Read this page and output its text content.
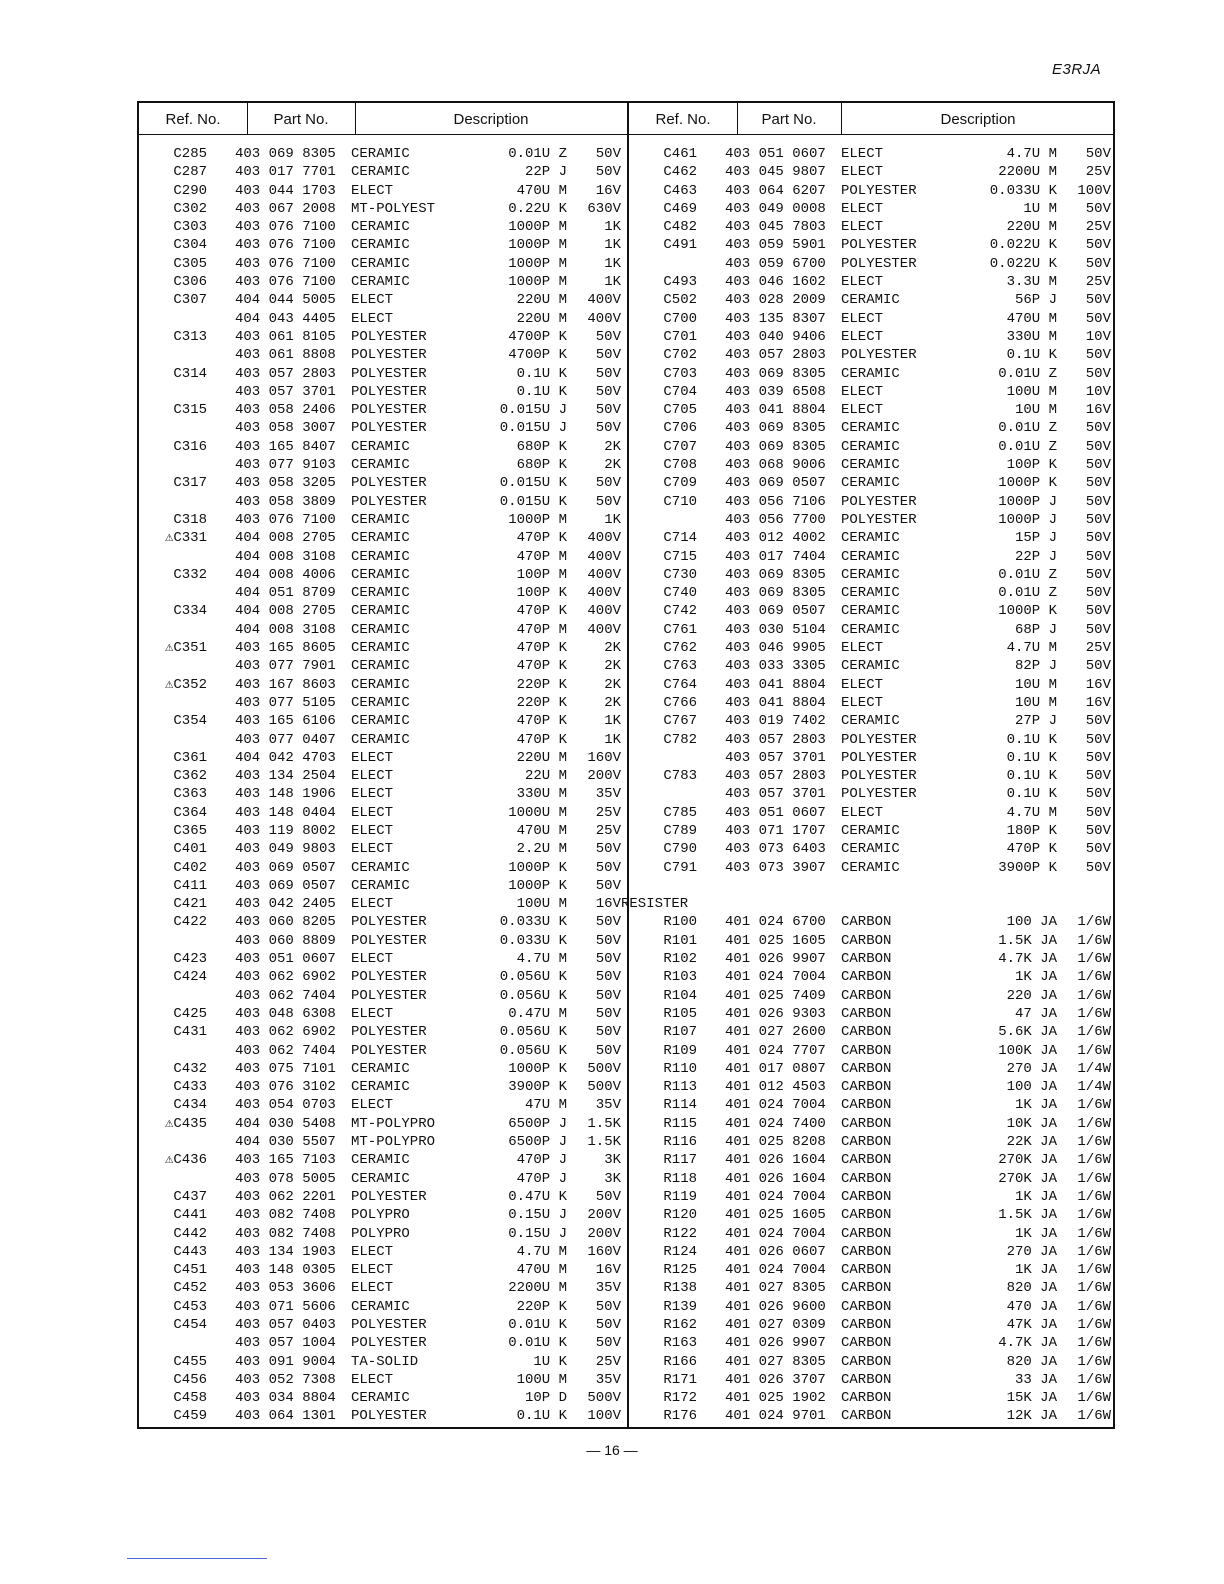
E3RJA
Ref. No.	Part No.	Description	Ref. No.	Part No.	Description
C285 403 069 8305 CERAMIC	0.01U Z	50V
C287 403 017 7701 CERAMIC	22P J	50V
C290 403 044 1703 ELECT	470U M	16V
C302 403 067 2008 MT-POLYEST	0.22U K	630V
C303 403 076 7100 CERAMIC	1000P M	1K
C304 403 076 7100 CERAMIC	1000P M	1K
C305 403 076 7100 CERAMIC	1000P M	1K
C306 403 076 7100 CERAMIC	1000P M	1K
C307 404 044 5005 ELECT	220U M	400V
404 043 4405 ELECT	220U M	400V
C313 403 061 8105 POLYESTER	4700P K	50V
403 061 8808 POLYESTER	4700P K	50V
C314 403 057 2803 POLYESTER	0.1U K	50V
403 057 3701 POLYESTER	0.1U K	50V
C315 403 058 2406 POLYESTER	0.015U J	50V
403 058 3007 POLYESTER	0.015U J	50V
C316 403 165 8407 CERAMIC	680P K	2K
403 077 9103 CERAMIC	680P K	2K
C317 403 058 3205 POLYESTER	0.015U K	50V
403 058 3809 POLYESTER	0.015U K	50V
C318 403 076 7100 CERAMIC	1000P M	1K
⚠C331 404 008 2705 CERAMIC	470P K	400V
404 008 3108 CERAMIC	470P M	400V
C332 404 008 4006 CERAMIC	100P M	400V
404 051 8709 CERAMIC	100P K	400V
C334 404 008 2705 CERAMIC	470P K	400V
404 008 3108 CERAMIC	470P M	400V
⚠C351 403 165 8605 CERAMIC	470P K	2K
403 077 7901 CERAMIC	470P K	2K
⚠C352 403 167 8603 CERAMIC	220P K	2K
403 077 5105 CERAMIC	220P K	2K
C354 403 165 6106 CERAMIC	470P K	1K
403 077 0407 CERAMIC	470P K	1K
C361 404 042 4703 ELECT	220U M	160V
C362 403 134 2504 ELECT	22U M	200V
C363 403 148 1906 ELECT	330U M	35V
C364 403 148 0404 ELECT	1000U M	25V
C365 403 119 8002 ELECT	470U M	25V
C401 403 049 9803 ELECT	2.2U M	50V
C402 403 069 0507 CERAMIC	1000P K	50V
C411 403 069 0507 CERAMIC	1000P K	50V
C421 403 042 2405 ELECT	100U M	16V
C422 403 060 8205 POLYESTER	0.033U K	50V
403 060 8809 POLYESTER	0.033U K	50V
C423 403 051 0607 ELECT	4.7U M	50V
C424 403 062 6902 POLYESTER	0.056U K	50V
403 062 7404 POLYESTER	0.056U K	50V
C425 403 048 6308 ELECT	0.47U M	50V
C431 403 062 6902 POLYESTER	0.056U K	50V
403 062 7404 POLYESTER	0.056U K	50V
C432 403 075 7101 CERAMIC	1000P K	500V
C433 403 076 3102 CERAMIC	3900P K	500V
C434 403 054 0703 ELECT	47U M	35V
⚠C435 404 030 5408 MT-POLYPRO	6500P J	1.5K
404 030 5507 MT-POLYPRO	6500P J	1.5K
⚠C436 403 165 7103 CERAMIC	470P J	3K
403 078 5005 CERAMIC	470P J	3K
C437 403 062 2201 POLYESTER	0.47U K	50V
C441 403 082 7408 POLYPRO	0.15U J	200V
C442 403 082 7408 POLYPRO	0.15U J	200V
C443 403 134 1903 ELECT	4.7U M	160V
C451 403 148 0305 ELECT	470U M	16V
C452 403 053 3606 ELECT	2200U M	35V
C453 403 071 5606 CERAMIC	220P K	50V
C454 403 057 0403 POLYESTER	0.01U K	50V
403 057 1004 POLYESTER	0.01U K	50V
C455 403 091 9004 TA-SOLID	1U K	25V
C456 403 052 7308 ELECT	100U M	35V
C458 403 034 8804 CERAMIC	10P D	500V
C459 403 064 1301 POLYESTER	0.1U K	100V
C461 403 051 0607 ELECT	4.7U M	50V
C462 403 045 9807 ELECT	2200U M	25V
C463 403 064 6207 POLYESTER	0.033U K	100V
C469 403 049 0008 ELECT	1U M	50V
C482 403 045 7803 ELECT	220U M	25V
C491 403 059 5901 POLYESTER	0.022U K	50V
403 059 6700 POLYESTER	0.022U K	50V
C493 403 046 1602 ELECT	3.3U M	25V
C502 403 028 2009 CERAMIC	56P J	50V
C700 403 135 8307 ELECT	470U M	50V
C701 403 040 9406 ELECT	330U M	10V
C702 403 057 2803 POLYESTER	0.1U K	50V
C703 403 069 8305 CERAMIC	0.01U Z	50V
C704 403 039 6508 ELECT	100U M	10V
C705 403 041 8804 ELECT	10U M	16V
C706 403 069 8305 CERAMIC	0.01U Z	50V
C707 403 069 8305 CERAMIC	0.01U Z	50V
C708 403 068 9006 CERAMIC	100P K	50V
C709 403 069 0507 CERAMIC	1000P K	50V
C710 403 056 7106 POLYESTER	1000P J	50V
403 056 7700 POLYESTER	1000P J	50V
C714 403 012 4002 CERAMIC	15P J	50V
C715 403 017 7404 CERAMIC	22P J	50V
C730 403 069 8305 CERAMIC	0.01U Z	50V
C740 403 069 8305 CERAMIC	0.01U Z	50V
C742 403 069 0507 CERAMIC	1000P K	50V
C761 403 030 5104 CERAMIC	68P J	50V
C762 403 046 9905 ELECT	4.7U M	25V
C763 403 033 3305 CERAMIC	82P J	50V
C764 403 041 8804 ELECT	10U M	16V
C766 403 041 8804 ELECT	10U M	16V
C767 403 019 7402 CERAMIC	27P J	50V
C782 403 057 2803 POLYESTER	0.1U K	50V
403 057 3701 POLYESTER	0.1U K	50V
C783 403 057 2803 POLYESTER	0.1U K	50V
403 057 3701 POLYESTER	0.1U K	50V
C785 403 051 0607 ELECT	4.7U M	50V
C789 403 071 1707 CERAMIC	180P K	50V
C790 403 073 6403 CERAMIC	470P K	50V
C791 403 073 3907 CERAMIC	3900P K	50V
RESISTER
R100 401 024 6700 CARBON	100 JA	1/6W
R101 401 025 1605 CARBON	1.5K JA	1/6W
R102 401 026 9907 CARBON	4.7K JA	1/6W
R103 401 024 7004 CARBON	1K JA	1/6W
R104 401 025 7409 CARBON	220 JA	1/6W
R105 401 026 9303 CARBON	47 JA	1/6W
R107 401 027 2600 CARBON	5.6K JA	1/6W
R109 401 024 7707 CARBON	100K JA	1/6W
R110 401 017 0807 CARBON	270 JA	1/4W
R113 401 012 4503 CARBON	100 JA	1/4W
R114 401 024 7004 CARBON	1K JA	1/6W
R115 401 024 7400 CARBON	10K JA	1/6W
R116 401 025 8208 CARBON	22K JA	1/6W
R117 401 026 1604 CARBON	270K JA	1/6W
R118 401 026 1604 CARBON	270K JA	1/6W
R119 401 024 7004 CARBON	1K JA	1/6W
R120 401 025 1605 CARBON	1.5K JA	1/6W
R122 401 024 7004 CARBON	1K JA	1/6W
R124 401 026 0607 CARBON	270 JA	1/6W
R125 401 024 7004 CARBON	1K JA	1/6W
R138 401 027 8305 CARBON	820 JA	1/6W
R139 401 026 9600 CARBON	470 JA	1/6W
R162 401 027 0309 CARBON	47K JA	1/6W
R163 401 026 9907 CARBON	4.7K JA	1/6W
R166 401 027 8305 CARBON	820 JA	1/6W
R171 401 026 3707 CARBON	33 JA	1/6W
R172 401 025 1902 CARBON	15K JA	1/6W
R176 401 024 9701 CARBON	12K JA	1/6W
— 16 —
